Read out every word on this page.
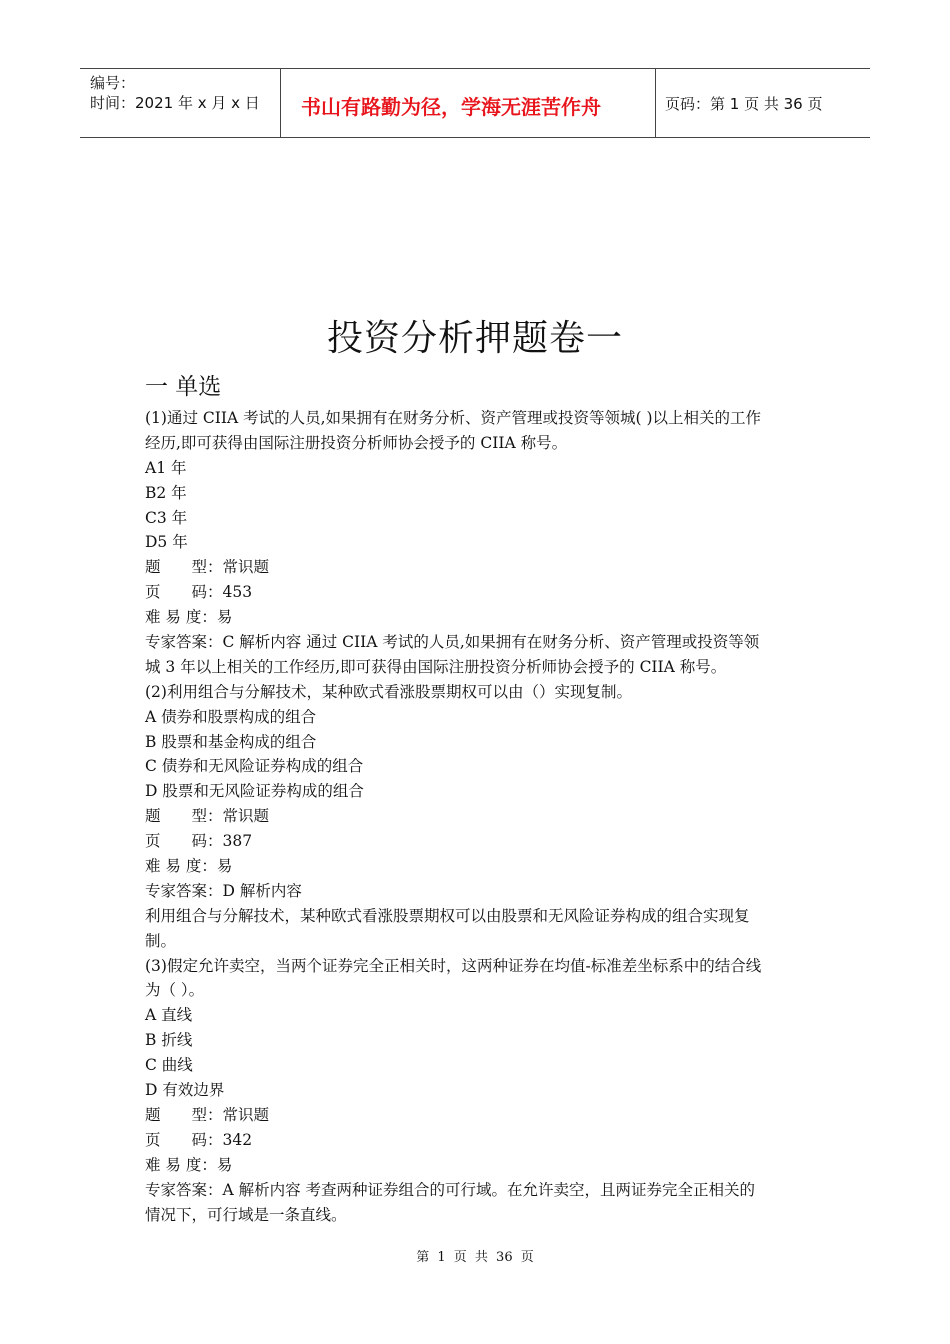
编号：
时间：2021 年 x 月 x 日 书山有路勤为径，学海无涯苦作舟	页码：第 1 页 共 36 页
投资分析押题卷一
一 单选
(1)通过 CIIA 考试的人员,如果拥有在财务分析、资产管理或投资等领城( )以上相关的工作
经历,即可获得由国际注册投资分析师协会授予的 CIIA 称号。
A1 年
B2 年
C3 年
D5 年
题　　型：常识题
页　　码：453
难 易 度：易
专家答案：C 解析内容 通过 CIIA 考试的人员,如果拥有在财务分析、资产管理或投资等领
城 3 年以上相关的工作经历,即可获得由国际注册投资分析师协会授予的 CIIA 称号。
(2)利用组合与分解技术，某种欧式看涨股票期权可以由（）实现复制。
A 债券和股票构成的组合
B 股票和基金构成的组合
C 债券和无风险证券构成的组合
D 股票和无风险证券构成的组合
题　　型：常识题
页　　码：387
难 易 度：易
专家答案：D 解析内容
利用组合与分解技术，某种欧式看涨股票期权可以由股票和无风险证券构成的组合实现复
制。
(3)假定允许卖空，当两个证券完全正相关时，这两种证券在均值-标准差坐标系中的结合线
为（ ）。
A 直线
B 折线
C 曲线
D 有效边界
题　　型：常识题
页　　码：342
难 易 度：易
专家答案：A 解析内容 考查两种证券组合的可行域。在允许卖空，且两证券完全正相关的
情况下，可行域是一条直线。
第 1 页 共 36 页
